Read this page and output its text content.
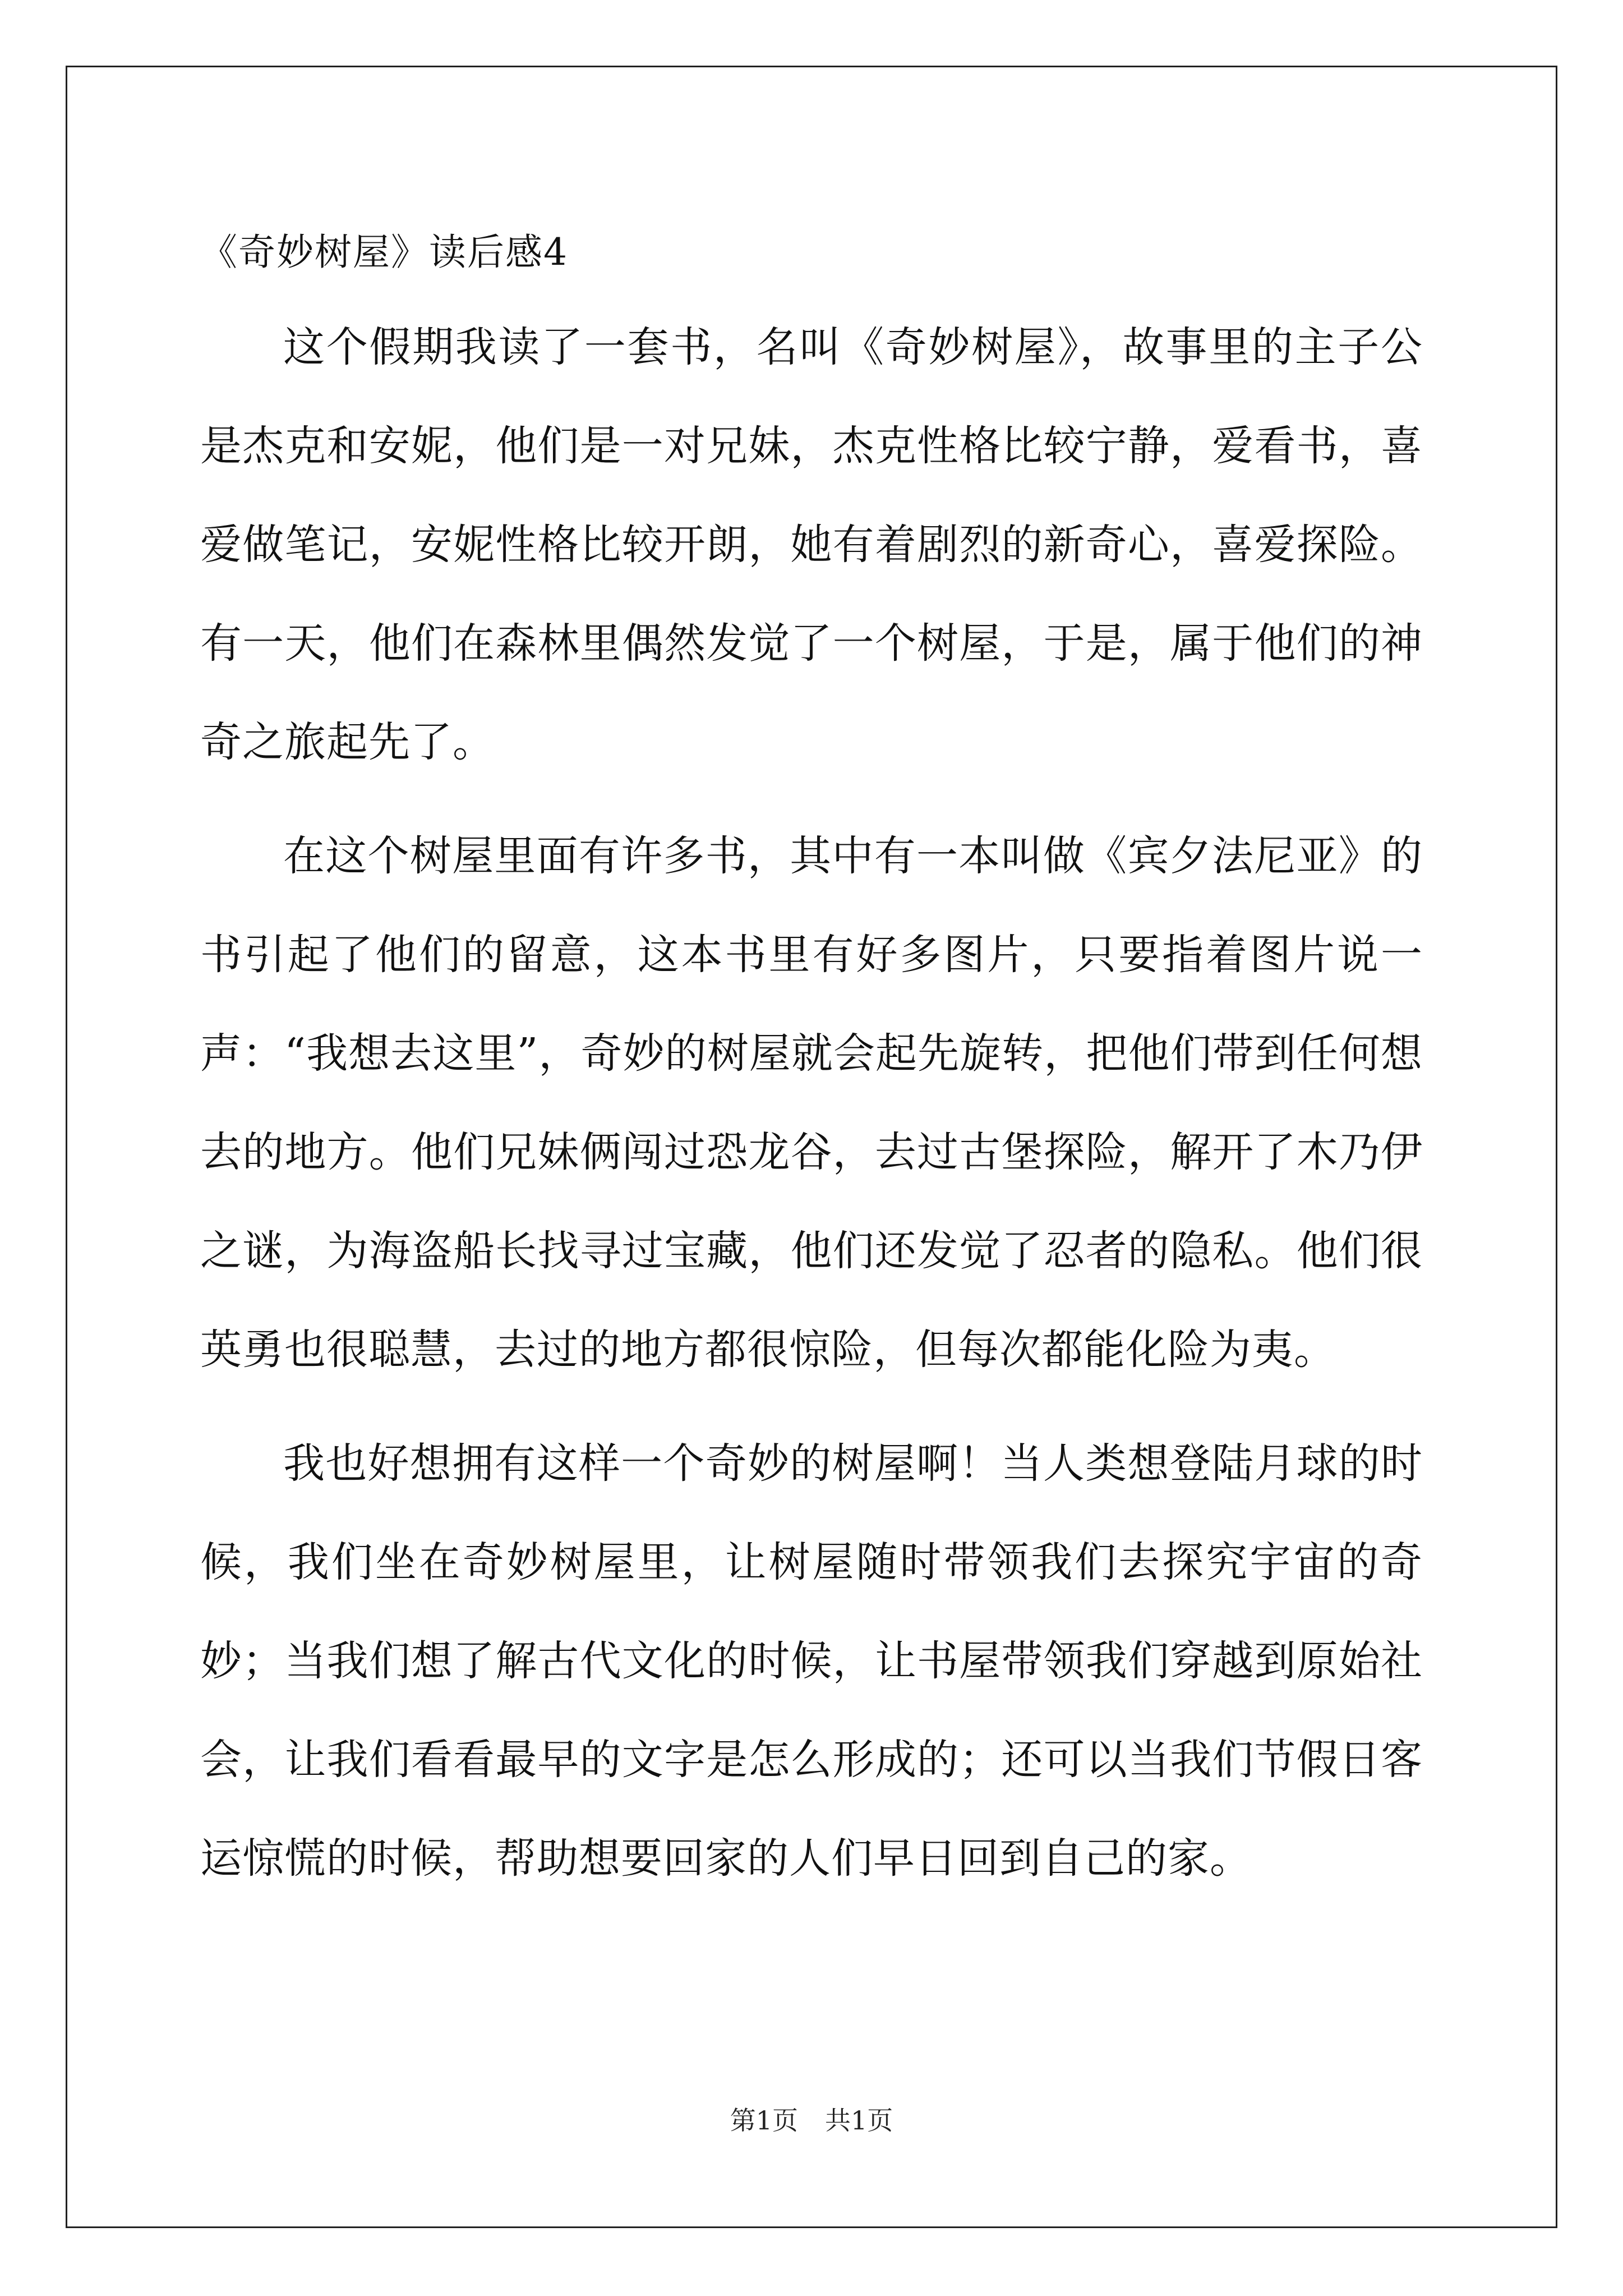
《奇妙树屋》读后感4

这个假期我读了一套书，名叫《奇妙树屋》，故事里的主子公是杰克和安妮，他们是一对兄妹，杰克性格比较宁静，爱看书，喜爱做笔记，安妮性格比较开朗，她有着剧烈的新奇心，喜爱探险。有一天，他们在森林里偶然发觉了一个树屋，于是，属于他们的神奇之旅起先了。

在这个树屋里面有许多书，其中有一本叫做《宾夕法尼亚》的书引起了他们的留意，这本书里有好多图片，只要指着图片说一声：“我想去这里”，奇妙的树屋就会起先旋转，把他们带到任何想去的地方。他们兄妹俩闯过恐龙谷，去过古堡探险，解开了木乃伊之谜，为海盗船长找寻过宝藏，他们还发觉了忍者的隐私。他们很英勇也很聪慧，去过的地方都很惊险，但每次都能化险为夷。

我也好想拥有这样一个奇妙的树屋啊！当人类想登陆月球的时候，我们坐在奇妙树屋里，让树屋随时带领我们去探究宇宙的奇妙；当我们想了解古代文化的时候，让书屋带领我们穿越到原始社会，让我们看看最早的文字是怎么形成的；还可以当我们节假日客运惊慌的时候，帮助想要回家的人们早日回到自己的家。

第1页 共1页
